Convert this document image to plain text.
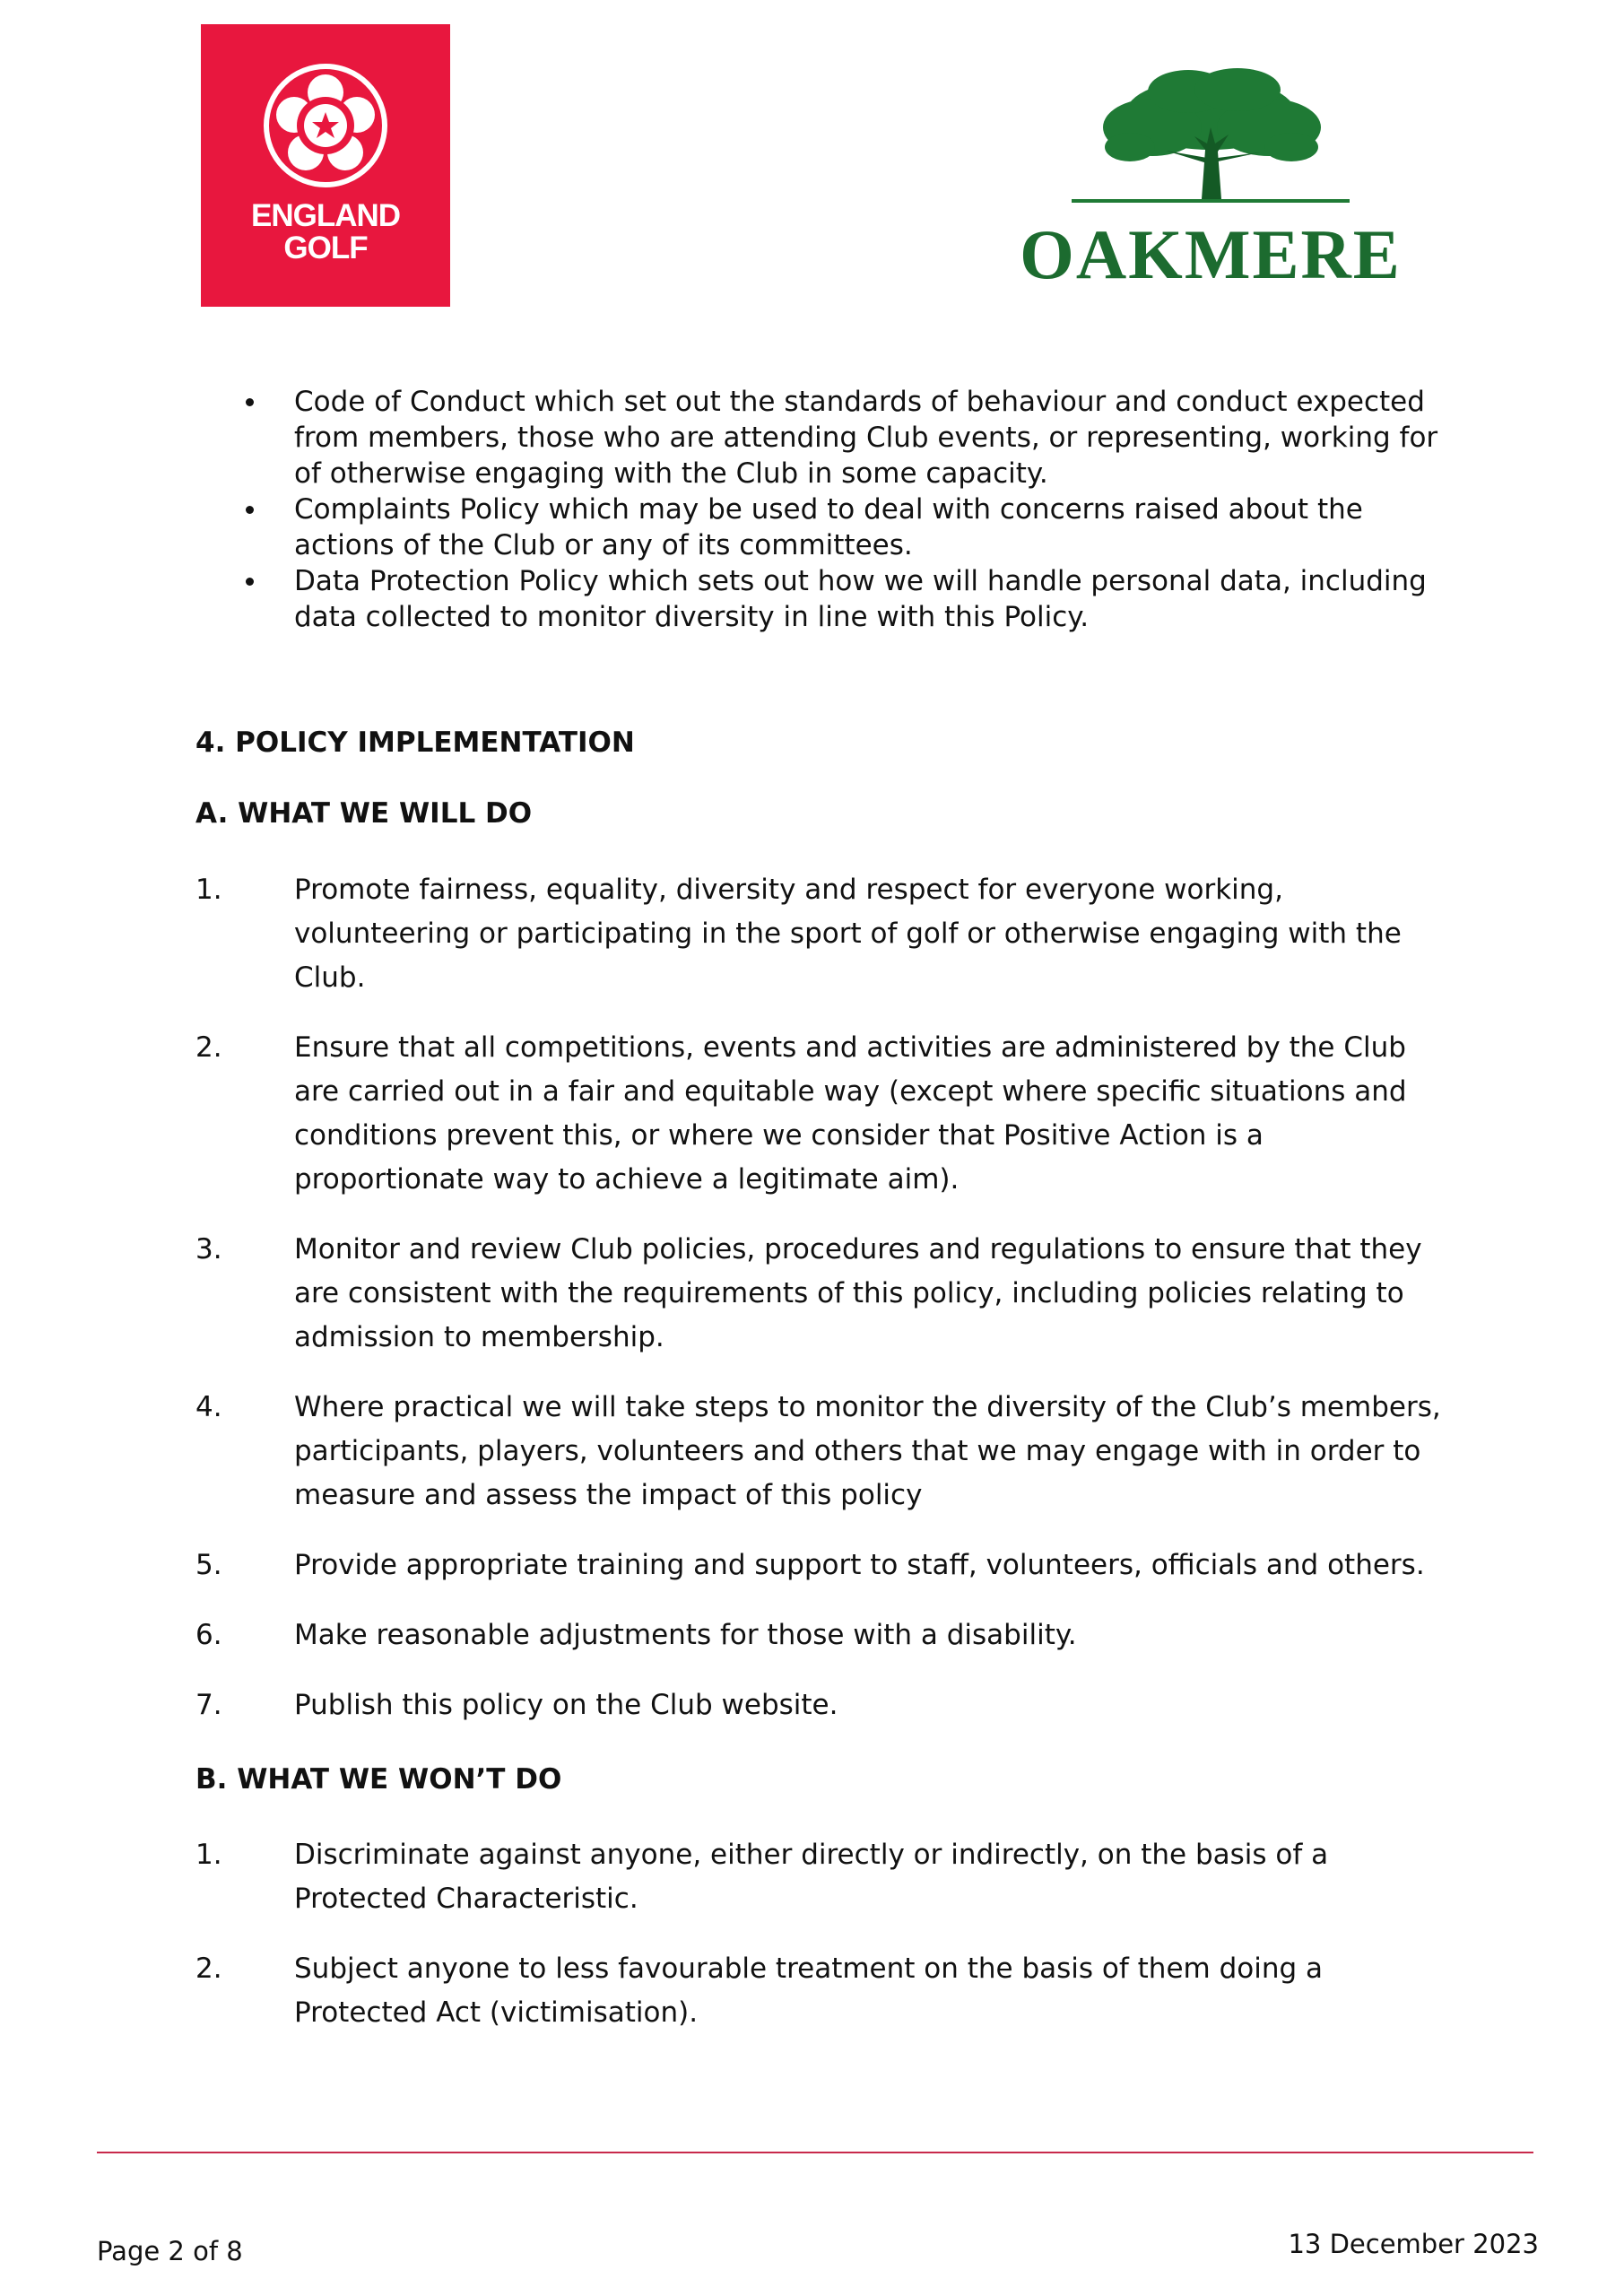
ENGLAND
GOLF	OAKMERE
Code of Conduct which set out the standards of behaviour and conduct expected from members, those who are attending Club events, or representing, working for of otherwise engaging with the Club in some capacity.
Complaints Policy which may be used to deal with concerns raised about the actions of the Club or any of its committees.
Data Protection Policy which sets out how we will handle personal data, including data collected to monitor diversity in line with this Policy.
4. POLICY IMPLEMENTATION
A. WHAT WE WILL DO
1.	Promote fairness, equality, diversity and respect for everyone working, volunteering or participating in the sport of golf or otherwise engaging with the Club.
2.	Ensure that all competitions, events and activities are administered by the Club are carried out in a fair and equitable way (except where specific situations and conditions prevent this, or where we consider that Positive Action is a proportionate way to achieve a legitimate aim).
3.	Monitor and review Club policies, procedures and regulations to ensure that they are consistent with the requirements of this policy, including policies relating to admission to membership.
4.	Where practical we will take steps to monitor the diversity of the Club’s members, participants, players, volunteers and others that we may engage with in order to measure and assess the impact of this policy
5.	Provide appropriate training and support to staff, volunteers, officials and others.
6.	Make reasonable adjustments for those with a disability.
7.	Publish this policy on the Club website.
B. WHAT WE WON’T DO
1.	Discriminate against anyone, either directly or indirectly, on the basis of a Protected Characteristic.
2.	Subject anyone to less favourable treatment on the basis of them doing a Protected Act (victimisation).
Page 2 of 8	13 December 2023
